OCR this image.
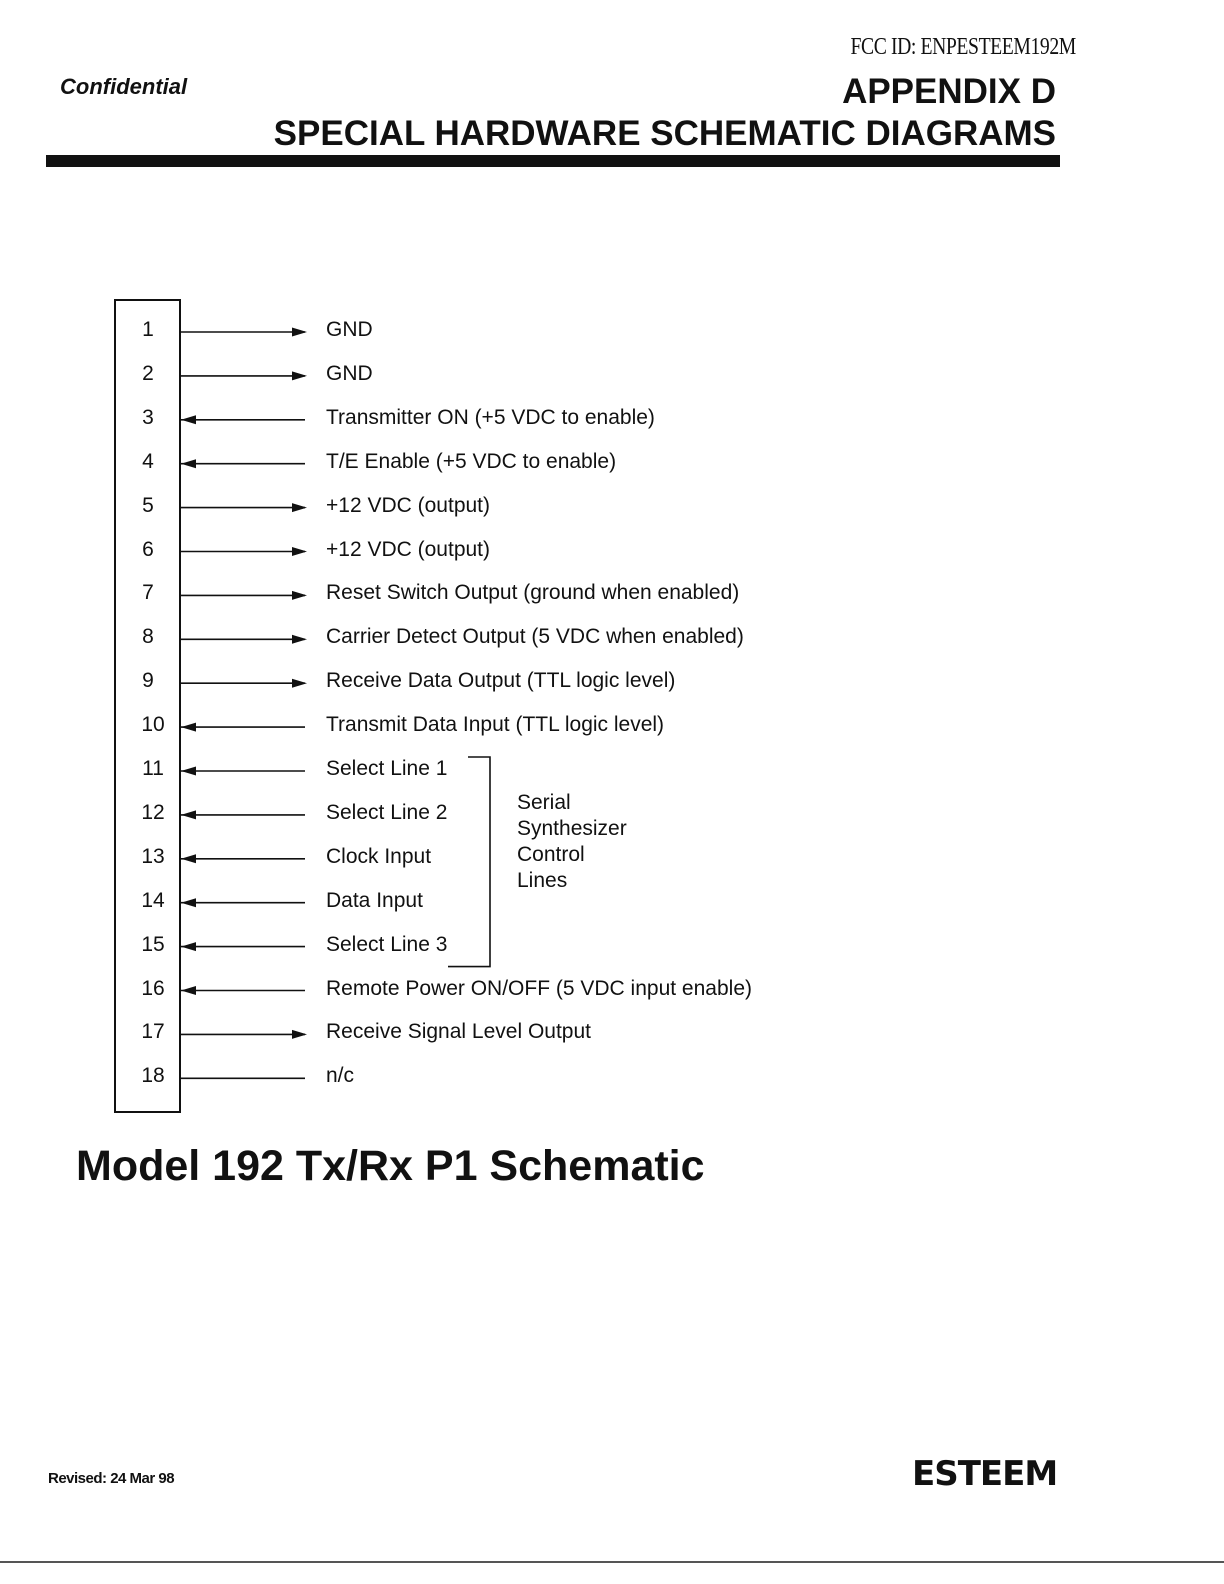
FCC ID: ENPESTEEM192M
Confidential	APPENDIX D
SPECIAL HARDWARE SCHEMATIC DIAGRAMS
1	GND
2	GND
3	Transmitter ON (+5 VDC to enable)
4	T/E Enable (+5 VDC to enable)
5	+12 VDC (output)
6	+12 VDC (output)
7	Reset Switch Output (ground when enabled)
8	Carrier Detect Output (5 VDC when enabled)
9	Receive Data Output (TTL logic level)
10	Transmit Data Input (TTL logic level)
11	Select Line 1
12	Select Line 2
13	Clock Input
14	Data Input
15	Select Line 3
16	Remote Power ON/OFF (5 VDC input enable)
17	Receive Signal Level Output
18	n/c
Serial
Synthesizer
Control
Lines
Model 192 Tx/Rx P1 Schematic
Revised: 24 Mar 98	ESTEEM
